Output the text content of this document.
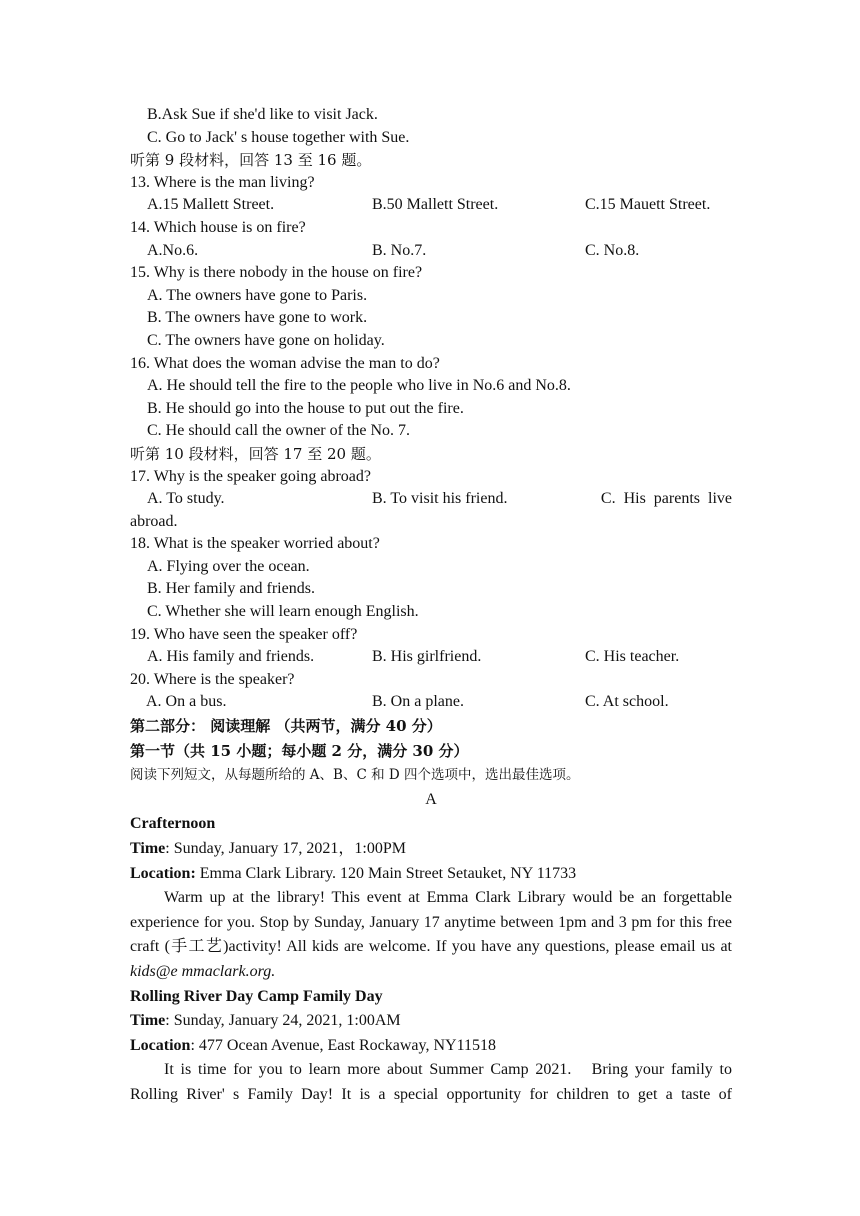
B.Ask Sue if she'd like to visit Jack.
C. Go to Jack' s house together with Sue.
听第 9 段材料，回答 13 至 16 题。
13. Where is the man living?
A.15 Mallett Street.	B.50 Mallett Street.	C.15 Mauett Street.
14. Which house is on fire?
A.No.6.	B. No.7.	C. No.8.
15. Why is there nobody in the house on fire?
A. The owners have gone to Paris.
B. The owners have gone to work.
C. The owners have gone on holiday.
16. What does the woman advise the man to do?
A. He should tell the fire to the people who live in No.6 and No.8.
B. He should go into the house to put out the fire.
C. He should call the owner of the No. 7.
听第 10 段材料，回答 17 至 20 题。
17. Why is the speaker going abroad?
A. To study.	B. To visit his friend.	C.  His  parents  live
abroad.
18. What is the speaker worried about?
A. Flying over the ocean.
B. Her family and friends.
C. Whether she will learn enough English.
19. Who have seen the speaker off?
A. His family and friends.	B. His girlfriend.	C. His teacher.
20. Where is the speaker?
A. On a bus.	B. On a plane.	C. At school.
第二部分： 阅读理解 （共两节，满分 40 分）
第一节（共 15 小题；每小题 2 分，满分 30 分）
阅读下列短文，从每题所给的 A、B、C 和 D 四个选项中，选出最佳选项。
A
Crafternoon
Time: Sunday, January 17, 2021，1:00PM
Location: Emma Clark Library. 120 Main Street Setauket, NY 11733
Warm up at the library! This event at Emma Clark Library would be an forgettable experience for you. Stop by Sunday, January 17 anytime between 1pm and 3 pm for this free craft (手工艺)activity! All kids are welcome. If you have any questions, please email us at kids@e mmaclark.org.
Rolling River Day Camp Family Day
Time: Sunday, January 24, 2021, 1:00AM
Location: 477 Ocean Avenue, East Rockaway, NY11518
It is time for you to learn more about Summer Camp 2021.   Bring your family to Rolling River' s Family Day! It is a special opportunity for children to get a taste of
